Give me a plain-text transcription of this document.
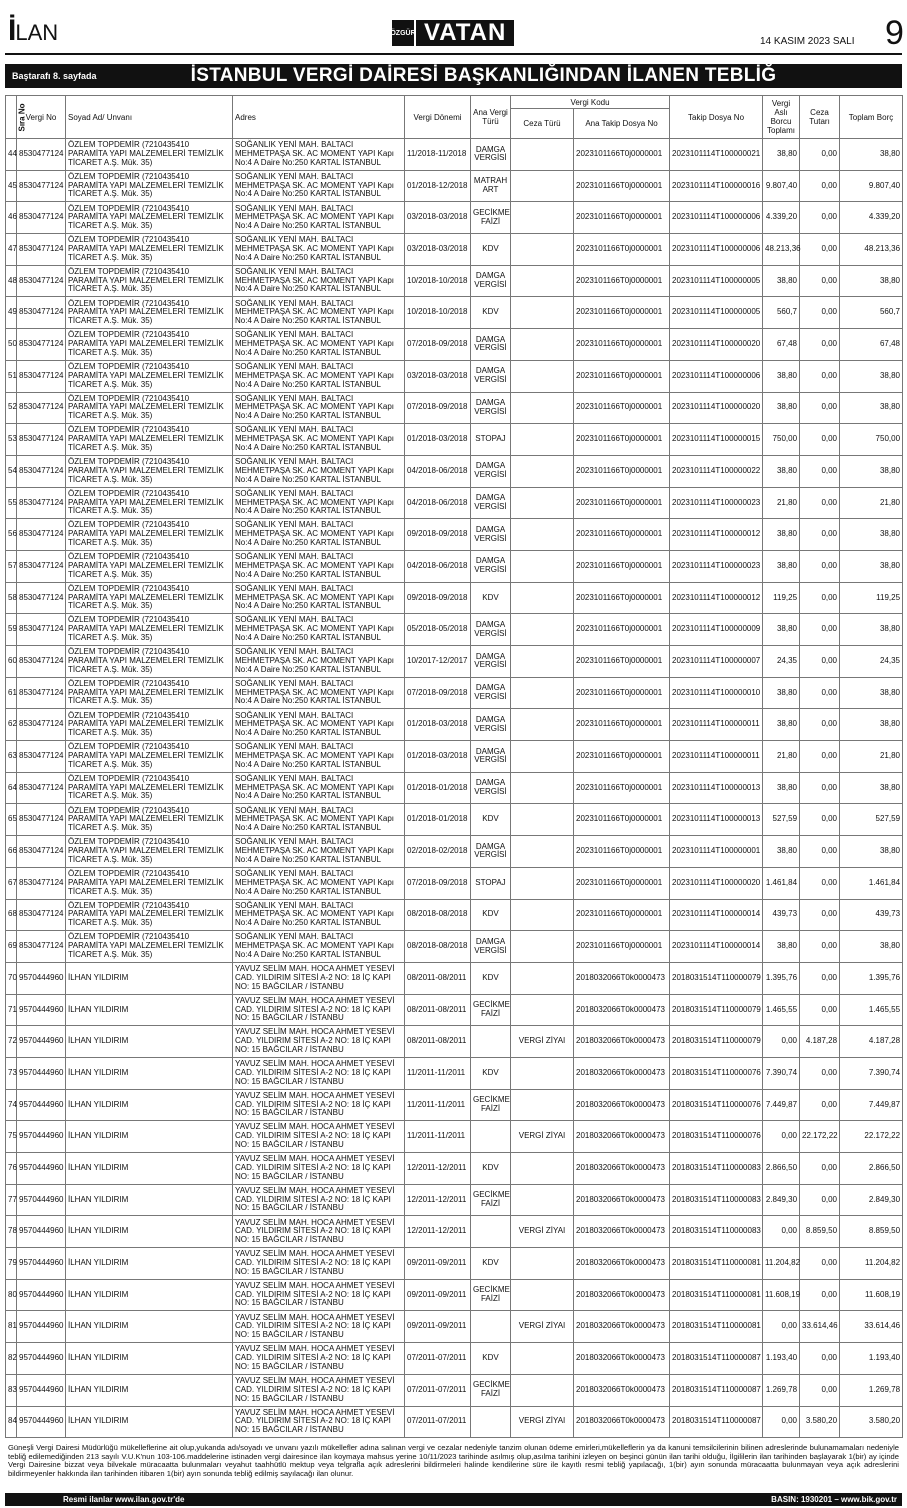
İLAN	ÖZGÜR VATAN	14 KASIM 2023 SALI 9
Baştarafı 8. sayfada	İSTANBUL VERGİ DAİRESİ BAŞKANLIĞINDAN İLANEN TEBLİĞ
Sıra No	Vergi No	Soyad Ad/ Unvanı	Adres	Vergi Dönemi	Ana Vergi Türü	Vergi Kodu		Takip Dosya No	Vergi Aslı Borcu Toplamı	Ceza Tutarı	Toplam Borç
						Ceza Türü	Ana Takip Dosya No				
44	8530477124	ÖZLEM TOPDEMİR (7210435410 PARAMİTA YAPI MALZEMELERİ TEMİZLİK TİCARET A.Ş. Mük. 35)	SOĞANLIK YENİ MAH. BALTACI MEHMETPAŞA SK. AC MOMENT YAPI Kapı No:4 A Daire No:250 KARTAL İSTANBUL	11/2018-11/2018	DAMGA VERGİSİ		2023101166T0j0000001	2023101114T100000021	38,80	0,00	38,80
45	8530477124	ÖZLEM TOPDEMİR (7210435410 PARAMİTA YAPI MALZEMELERİ TEMİZLİK TİCARET A.Ş. Mük. 35)	SOĞANLIK YENİ MAH. BALTACI MEHMETPAŞA SK. AC MOMENT YAPI Kapı No:4 A Daire No:250 KARTAL İSTANBUL	01/2018-12/2018	MATRAH ART		2023101166T0j0000001	2023101114T100000016	9.807,40	0,00	9.807,40
46	8530477124	ÖZLEM TOPDEMİR (7210435410 PARAMİTA YAPI MALZEMELERİ TEMİZLİK TİCARET A.Ş. Mük. 35)	SOĞANLIK YENİ MAH. BALTACI MEHMETPAŞA SK. AC MOMENT YAPI Kapı No:4 A Daire No:250 KARTAL İSTANBUL	03/2018-03/2018	GECİKME FAİZİ		2023101166T0j0000001	2023101114T100000006	4.339,20	0,00	4.339,20
47	8530477124	ÖZLEM TOPDEMİR (7210435410 PARAMİTA YAPI MALZEMELERİ TEMİZLİK TİCARET A.Ş. Mük. 35)	SOĞANLIK YENİ MAH. BALTACI MEHMETPAŞA SK. AC MOMENT YAPI Kapı No:4 A Daire No:250 KARTAL İSTANBUL	03/2018-03/2018	KDV		2023101166T0j0000001	2023101114T100000006	48.213,36	0,00	48.213,36
48	8530477124	ÖZLEM TOPDEMİR (7210435410 PARAMİTA YAPI MALZEMELERİ TEMİZLİK TİCARET A.Ş. Mük. 35)	SOĞANLIK YENİ MAH. BALTACI MEHMETPAŞA SK. AC MOMENT YAPI Kapı No:4 A Daire No:250 KARTAL İSTANBUL	10/2018-10/2018	DAMGA VERGİSİ		2023101166T0j0000001	2023101114T100000005	38,80	0,00	38,80
49	8530477124	ÖZLEM TOPDEMİR (7210435410 PARAMİTA YAPI MALZEMELERİ TEMİZLİK TİCARET A.Ş. Mük. 35)	SOĞANLIK YENİ MAH. BALTACI MEHMETPAŞA SK. AC MOMENT YAPI Kapı No:4 A Daire No:250 KARTAL İSTANBUL	10/2018-10/2018	KDV		2023101166T0j0000001	2023101114T100000005	560,7	0,00	560,7
50	8530477124	ÖZLEM TOPDEMİR (7210435410 PARAMİTA YAPI MALZEMELERİ TEMİZLİK TİCARET A.Ş. Mük. 35)	SOĞANLIK YENİ MAH. BALTACI MEHMETPAŞA SK. AC MOMENT YAPI Kapı No:4 A Daire No:250 KARTAL İSTANBUL	07/2018-09/2018	DAMGA VERGİSİ		2023101166T0j0000001	2023101114T100000020	67,48	0,00	67,48
51	8530477124	ÖZLEM TOPDEMİR (7210435410 PARAMİTA YAPI MALZEMELERİ TEMİZLİK TİCARET A.Ş. Mük. 35)	SOĞANLIK YENİ MAH. BALTACI MEHMETPAŞA SK. AC MOMENT YAPI Kapı No:4 A Daire No:250 KARTAL İSTANBUL	03/2018-03/2018	DAMGA VERGİSİ		2023101166T0j0000001	2023101114T100000006	38,80	0,00	38,80
52	8530477124	ÖZLEM TOPDEMİR (7210435410 PARAMİTA YAPI MALZEMELERİ TEMİZLİK TİCARET A.Ş. Mük. 35)	SOĞANLIK YENİ MAH. BALTACI MEHMETPAŞA SK. AC MOMENT YAPI Kapı No:4 A Daire No:250 KARTAL İSTANBUL	07/2018-09/2018	DAMGA VERGİSİ		2023101166T0j0000001	2023101114T100000020	38,80	0,00	38,80
53	8530477124	ÖZLEM TOPDEMİR (7210435410 PARAMİTA YAPI MALZEMELERİ TEMİZLİK TİCARET A.Ş. Mük. 35)	SOĞANLIK YENİ MAH. BALTACI MEHMETPAŞA SK. AC MOMENT YAPI Kapı No:4 A Daire No:250 KARTAL İSTANBUL	01/2018-03/2018	STOPAJ		2023101166T0j0000001	2023101114T100000015	750,00	0,00	750,00
54	8530477124	ÖZLEM TOPDEMİR (7210435410 PARAMİTA YAPI MALZEMELERİ TEMİZLİK TİCARET A.Ş. Mük. 35)	SOĞANLIK YENİ MAH. BALTACI MEHMETPAŞA SK. AC MOMENT YAPI Kapı No:4 A Daire No:250 KARTAL İSTANBUL	04/2018-06/2018	DAMGA VERGİSİ		2023101166T0j0000001	2023101114T100000022	38,80	0,00	38,80
55	8530477124	ÖZLEM TOPDEMİR (7210435410 PARAMİTA YAPI MALZEMELERİ TEMİZLİK TİCARET A.Ş. Mük. 35)	SOĞANLIK YENİ MAH. BALTACI MEHMETPAŞA SK. AC MOMENT YAPI Kapı No:4 A Daire No:250 KARTAL İSTANBUL	04/2018-06/2018	DAMGA VERGİSİ		2023101166T0j0000001	2023101114T100000023	21,80	0,00	21,80
56	8530477124	ÖZLEM TOPDEMİR (7210435410 PARAMİTA YAPI MALZEMELERİ TEMİZLİK TİCARET A.Ş. Mük. 35)	SOĞANLIK YENİ MAH. BALTACI MEHMETPAŞA SK. AC MOMENT YAPI Kapı No:4 A Daire No:250 KARTAL İSTANBUL	09/2018-09/2018	DAMGA VERGİSİ		2023101166T0j0000001	2023101114T100000012	38,80	0,00	38,80
57	8530477124	ÖZLEM TOPDEMİR (7210435410 PARAMİTA YAPI MALZEMELERİ TEMİZLİK TİCARET A.Ş. Mük. 35)	SOĞANLIK YENİ MAH. BALTACI MEHMETPAŞA SK. AC MOMENT YAPI Kapı No:4 A Daire No:250 KARTAL İSTANBUL	04/2018-06/2018	DAMGA VERGİSİ		2023101166T0j0000001	2023101114T100000023	38,80	0,00	38,80
58	8530477124	ÖZLEM TOPDEMİR (7210435410 PARAMİTA YAPI MALZEMELERİ TEMİZLİK TİCARET A.Ş. Mük. 35)	SOĞANLIK YENİ MAH. BALTACI MEHMETPAŞA SK. AC MOMENT YAPI Kapı No:4 A Daire No:250 KARTAL İSTANBUL	09/2018-09/2018	KDV		2023101166T0j0000001	2023101114T100000012	119,25	0,00	119,25
59	8530477124	ÖZLEM TOPDEMİR (7210435410 PARAMİTA YAPI MALZEMELERİ TEMİZLİK TİCARET A.Ş. Mük. 35)	SOĞANLIK YENİ MAH. BALTACI MEHMETPAŞA SK. AC MOMENT YAPI Kapı No:4 A Daire No:250 KARTAL İSTANBUL	05/2018-05/2018	DAMGA VERGİSİ		2023101166T0j0000001	2023101114T100000009	38,80	0,00	38,80
60	8530477124	ÖZLEM TOPDEMİR (7210435410 PARAMİTA YAPI MALZEMELERİ TEMİZLİK TİCARET A.Ş. Mük. 35)	SOĞANLIK YENİ MAH. BALTACI MEHMETPAŞA SK. AC MOMENT YAPI Kapı No:4 A Daire No:250 KARTAL İSTANBUL	10/2017-12/2017	DAMGA VERGİSİ		2023101166T0j0000001	2023101114T100000007	24,35	0,00	24,35
61	8530477124	ÖZLEM TOPDEMİR (7210435410 PARAMİTA YAPI MALZEMELERİ TEMİZLİK TİCARET A.Ş. Mük. 35)	SOĞANLIK YENİ MAH. BALTACI MEHMETPAŞA SK. AC MOMENT YAPI Kapı No:4 A Daire No:250 KARTAL İSTANBUL	07/2018-09/2018	DAMGA VERGİSİ		2023101166T0j0000001	2023101114T100000010	38,80	0,00	38,80
62	8530477124	ÖZLEM TOPDEMİR (7210435410 PARAMİTA YAPI MALZEMELERİ TEMİZLİK TİCARET A.Ş. Mük. 35)	SOĞANLIK YENİ MAH. BALTACI MEHMETPAŞA SK. AC MOMENT YAPI Kapı No:4 A Daire No:250 KARTAL İSTANBUL	01/2018-03/2018	DAMGA VERGİSİ		2023101166T0j0000001	2023101114T100000011	38,80	0,00	38,80
63	8530477124	ÖZLEM TOPDEMİR (7210435410 PARAMİTA YAPI MALZEMELERİ TEMİZLİK TİCARET A.Ş. Mük. 35)	SOĞANLIK YENİ MAH. BALTACI MEHMETPAŞA SK. AC MOMENT YAPI Kapı No:4 A Daire No:250 KARTAL İSTANBUL	01/2018-03/2018	DAMGA VERGİSİ		2023101166T0j0000001	2023101114T100000011	21,80	0,00	21,80
64	8530477124	ÖZLEM TOPDEMİR (7210435410 PARAMİTA YAPI MALZEMELERİ TEMİZLİK TİCARET A.Ş. Mük. 35)	SOĞANLIK YENİ MAH. BALTACI MEHMETPAŞA SK. AC MOMENT YAPI Kapı No:4 A Daire No:250 KARTAL İSTANBUL	01/2018-01/2018	DAMGA VERGİSİ		2023101166T0j0000001	2023101114T100000013	38,80	0,00	38,80
65	8530477124	ÖZLEM TOPDEMİR (7210435410 PARAMİTA YAPI MALZEMELERİ TEMİZLİK TİCARET A.Ş. Mük. 35)	SOĞANLIK YENİ MAH. BALTACI MEHMETPAŞA SK. AC MOMENT YAPI Kapı No:4 A Daire No:250 KARTAL İSTANBUL	01/2018-01/2018	KDV		2023101166T0j0000001	2023101114T100000013	527,59	0,00	527,59
66	8530477124	ÖZLEM TOPDEMİR (7210435410 PARAMİTA YAPI MALZEMELERİ TEMİZLİK TİCARET A.Ş. Mük. 35)	SOĞANLIK YENİ MAH. BALTACI MEHMETPAŞA SK. AC MOMENT YAPI Kapı No:4 A Daire No:250 KARTAL İSTANBUL	02/2018-02/2018	DAMGA VERGİSİ		2023101166T0j0000001	2023101114T100000001	38,80	0,00	38,80
67	8530477124	ÖZLEM TOPDEMİR (7210435410 PARAMİTA YAPI MALZEMELERİ TEMİZLİK TİCARET A.Ş. Mük. 35)	SOĞANLIK YENİ MAH. BALTACI MEHMETPAŞA SK. AC MOMENT YAPI Kapı No:4 A Daire No:250 KARTAL İSTANBUL	07/2018-09/2018	STOPAJ		2023101166T0j0000001	2023101114T100000020	1.461,84	0,00	1.461,84
68	8530477124	ÖZLEM TOPDEMİR (7210435410 PARAMİTA YAPI MALZEMELERİ TEMİZLİK TİCARET A.Ş. Mük. 35)	SOĞANLIK YENİ MAH. BALTACI MEHMETPAŞA SK. AC MOMENT YAPI Kapı No:4 A Daire No:250 KARTAL İSTANBUL	08/2018-08/2018	KDV		2023101166T0j0000001	2023101114T100000014	439,73	0,00	439,73
69	8530477124	ÖZLEM TOPDEMİR (7210435410 PARAMİTA YAPI MALZEMELERİ TEMİZLİK TİCARET A.Ş. Mük. 35)	SOĞANLIK YENİ MAH. BALTACI MEHMETPAŞA SK. AC MOMENT YAPI Kapı No:4 A Daire No:250 KARTAL İSTANBUL	08/2018-08/2018	DAMGA VERGİSİ		2023101166T0j0000001	2023101114T100000014	38,80	0,00	38,80
70	9570444960	İLHAN YILDIRIM	YAVUZ SELİM MAH. HOCA AHMET YESEVİ CAD. YILDIRIM SİTESİ A-2 NO: 18 İÇ KAPI NO: 15 BAĞCILAR / İSTANBU	08/2011-08/2011	KDV		2018032066T0k0000473	2018031514T110000079	1.395,76	0,00	1.395,76
71	9570444960	İLHAN YILDIRIM	YAVUZ SELİM MAH. HOCA AHMET YESEVİ CAD. YILDIRIM SİTESİ A-2 NO: 18 İÇ KAPI NO: 15 BAĞCILAR / İSTANBU	08/2011-08/2011	GECİKME FAİZİ		2018032066T0k0000473	2018031514T110000079	1.465,55	0,00	1.465,55
72	9570444960	İLHAN YILDIRIM	YAVUZ SELİM MAH. HOCA AHMET YESEVİ CAD. YILDIRIM SİTESİ A-2 NO: 18 İÇ KAPI NO: 15 BAĞCILAR / İSTANBU	08/2011-08/2011		VERGİ ZİYAI	2018032066T0k0000473	2018031514T110000079	0,00	4.187,28	4.187,28
73	9570444960	İLHAN YILDIRIM	YAVUZ SELİM MAH. HOCA AHMET YESEVİ CAD. YILDIRIM SİTESİ A-2 NO: 18 İÇ KAPI NO: 15 BAĞCILAR / İSTANBU	11/2011-11/2011	KDV		2018032066T0k0000473	2018031514T110000076	7.390,74	0,00	7.390,74
74	9570444960	İLHAN YILDIRIM	YAVUZ SELİM MAH. HOCA AHMET YESEVİ CAD. YILDIRIM SİTESİ A-2 NO: 18 İÇ KAPI NO: 15 BAĞCILAR / İSTANBU	11/2011-11/2011	GECİKME FAİZİ		2018032066T0k0000473	2018031514T110000076	7.449,87	0,00	7.449,87
75	9570444960	İLHAN YILDIRIM	YAVUZ SELİM MAH. HOCA AHMET YESEVİ CAD. YILDIRIM SİTESİ A-2 NO: 18 İÇ KAPI NO: 15 BAĞCILAR / İSTANBU	11/2011-11/2011		VERGİ ZİYAI	2018032066T0k0000473	2018031514T110000076	0,00	22.172,22	22.172,22
76	9570444960	İLHAN YILDIRIM	YAVUZ SELİM MAH. HOCA AHMET YESEVİ CAD. YILDIRIM SİTESİ A-2 NO: 18 İÇ KAPI NO: 15 BAĞCILAR / İSTANBU	12/2011-12/2011	KDV		2018032066T0k0000473	2018031514T110000083	2.866,50	0,00	2.866,50
77	9570444960	İLHAN YILDIRIM	YAVUZ SELİM MAH. HOCA AHMET YESEVİ CAD. YILDIRIM SİTESİ A-2 NO: 18 İÇ KAPI NO: 15 BAĞCILAR / İSTANBU	12/2011-12/2011	GECİKME FAİZİ		2018032066T0k0000473	2018031514T110000083	2.849,30	0,00	2.849,30
78	9570444960	İLHAN YILDIRIM	YAVUZ SELİM MAH. HOCA AHMET YESEVİ CAD. YILDIRIM SİTESİ A-2 NO: 18 İÇ KAPI NO: 15 BAĞCILAR / İSTANBU	12/2011-12/2011		VERGİ ZİYAI	2018032066T0k0000473	2018031514T110000083	0,00	8.859,50	8.859,50
79	9570444960	İLHAN YILDIRIM	YAVUZ SELİM MAH. HOCA AHMET YESEVİ CAD. YILDIRIM SİTESİ A-2 NO: 18 İÇ KAPI NO: 15 BAĞCILAR / İSTANBU	09/2011-09/2011	KDV		2018032066T0k0000473	2018031514T110000081	11.204,82	0,00	11.204,82
80	9570444960	İLHAN YILDIRIM	YAVUZ SELİM MAH. HOCA AHMET YESEVİ CAD. YILDIRIM SİTESİ A-2 NO: 18 İÇ KAPI NO: 15 BAĞCILAR / İSTANBU	09/2011-09/2011	GECİKME FAİZİ		2018032066T0k0000473	2018031514T110000081	11.608,19	0,00	11.608,19
81	9570444960	İLHAN YILDIRIM	YAVUZ SELİM MAH. HOCA AHMET YESEVİ CAD. YILDIRIM SİTESİ A-2 NO: 18 İÇ KAPI NO: 15 BAĞCILAR / İSTANBU	09/2011-09/2011		VERGİ ZİYAI	2018032066T0k0000473	2018031514T110000081	0,00	33.614,46	33.614,46
82	9570444960	İLHAN YILDIRIM	YAVUZ SELİM MAH. HOCA AHMET YESEVİ CAD. YILDIRIM SİTESİ A-2 NO: 18 İÇ KAPI NO: 15 BAĞCILAR / İSTANBU	07/2011-07/2011	KDV		2018032066T0k0000473	2018031514T110000087	1.193,40	0,00	1.193,40
83	9570444960	İLHAN YILDIRIM	YAVUZ SELİM MAH. HOCA AHMET YESEVİ CAD. YILDIRIM SİTESİ A-2 NO: 18 İÇ KAPI NO: 15 BAĞCILAR / İSTANBU	07/2011-07/2011	GECİKME FAİZİ		2018032066T0k0000473	2018031514T110000087	1.269,78	0,00	1.269,78
84	9570444960	İLHAN YILDIRIM	YAVUZ SELİM MAH. HOCA AHMET YESEVİ CAD. YILDIRIM SİTESİ A-2 NO: 18 İÇ KAPI NO: 15 BAĞCILAR / İSTANBU	07/2011-07/2011		VERGİ ZİYAI	2018032066T0k0000473	2018031514T110000087	0,00	3.580,20	3.580,20
Güneşli Vergi Dairesi Müdürlüğü mükelleflerine ait olup,yukanda adı/soyadı ve unvanı yazılı mükellefler adına salınan vergi ve cezalar nedeniyle tanzim olunan ödeme emirleri,mükelleflerin ya da kanuni temsilcilerinin bilinen adreslerinde bulunamamaları nedeniyle tebliğ edilemediğinden 213 sayılı V.U.K'nun 103-106.maddelerine istinaden vergi dairesince ilan koymaya mahsus yerine 10/11/2023 tarihinde asılmış olup,asılma tarihini izleyen on beşinci günün ilan tarihi olduğu, İlgililerin ilan tarihinden başlayarak 1(bir) ay içinde Vergi Dairesine bizzat veya bilvekale müracaatta bulunmaları veyahut taahhütlü mektup veya telgrafla açık adreslerini bildirmeleri halinde kendilerine süre ile kayıtlı resmi tebliğ yapılacağı, 1(bir) ayın sonunda müracaatta bulunmayan veya açık adreslerini bildirmeyenler hakkında ilan tarihinden itibaren 1(bir) ayın sonunda tebliğ edilmiş sayılacağı ilan olunur.
Resmi ilanlar www.ilan.gov.tr'de	BASIN: 1930201 – www.bik.gov.tr
